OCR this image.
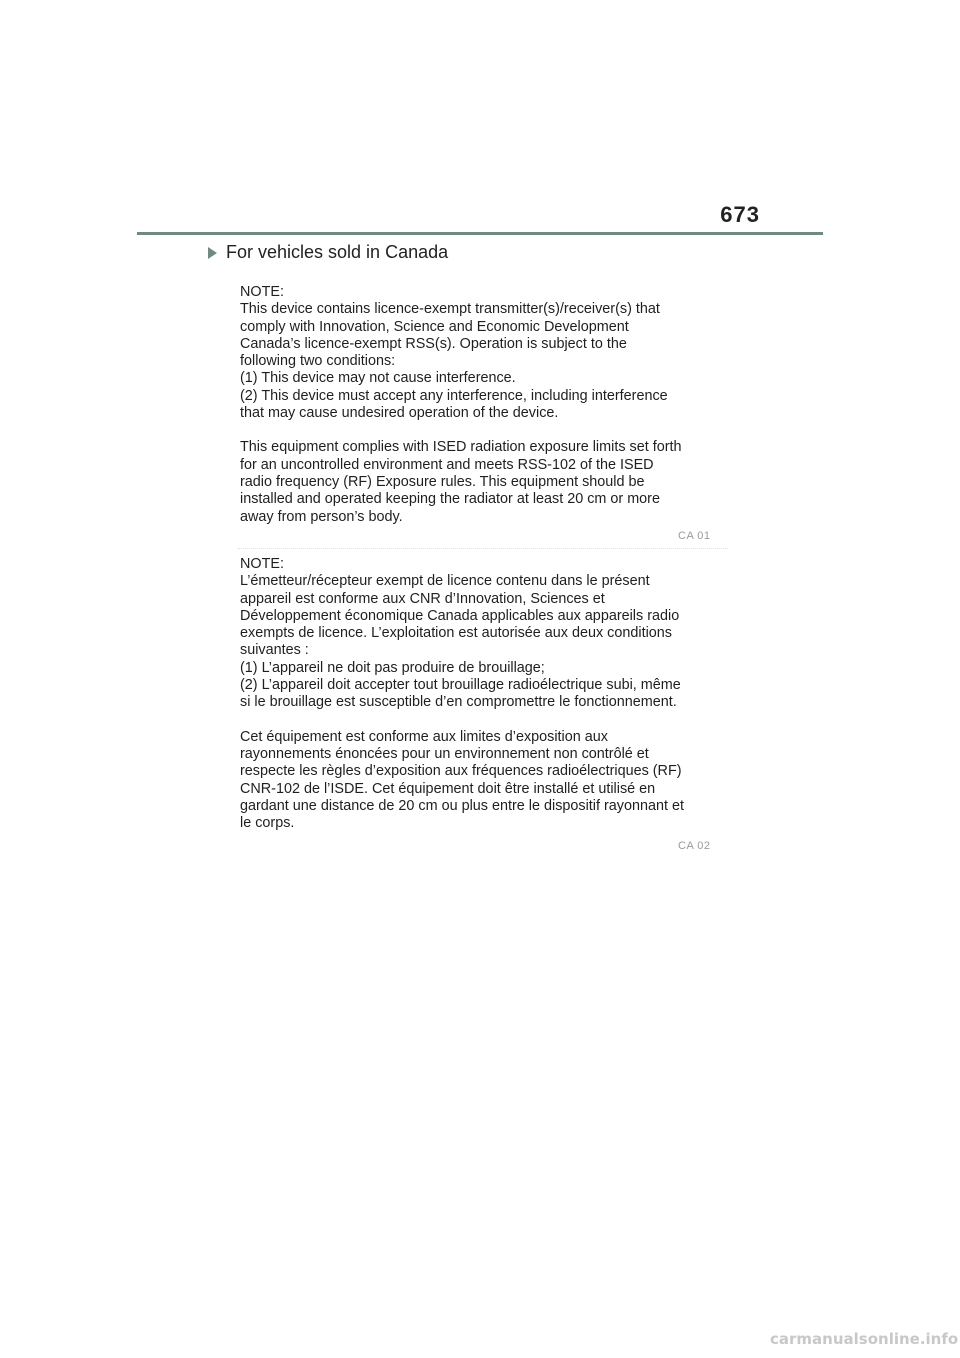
673
For vehicles sold in Canada

NOTE:

This device contains licence-exempt transmitter(s)/receiver(s) that
comply with Innovation, Science and Economic Development
Canada’s licence-exempt RSS(s). Operation is subject to the
following two conditions:
(1) This device may not cause interference.
(2) This device must accept any interference, including interference
that may cause undesired operation of the device.

This equipment complies with ISED radiation exposure limits set forth
for an uncontrolled environment and meets RSS-102 of the ISED
radio frequency (RF) Exposure rules. This equipment should be
installed and operated keeping the radiator at least 20 cm or more
away from person’s body.

CA 01

NOTE:

L’émetteur/récepteur exempt de licence contenu dans le présent
appareil est conforme aux CNR d’Innovation, Sciences et
Développement économique Canada applicables aux appareils radio
exempts de licence. L’exploitation est autorisée aux deux conditions
suivantes :
(1) L’appareil ne doit pas produire de brouillage;
(2) L’appareil doit accepter tout brouillage radioélectrique subi, même
si le brouillage est susceptible d’en compromettre le fonctionnement.

Cet équipement est conforme aux limites d’exposition aux
rayonnements énoncées pour un environnement non contrôlé et
respecte les règles d’exposition aux fréquences radioélectriques (RF)
CNR-102 de l’ISDE. Cet équipement doit être installé et utilisé en
gardant une distance de 20 cm ou plus entre le dispositif rayonnant et
le corps.

CA 02
carmanualsonline.info
